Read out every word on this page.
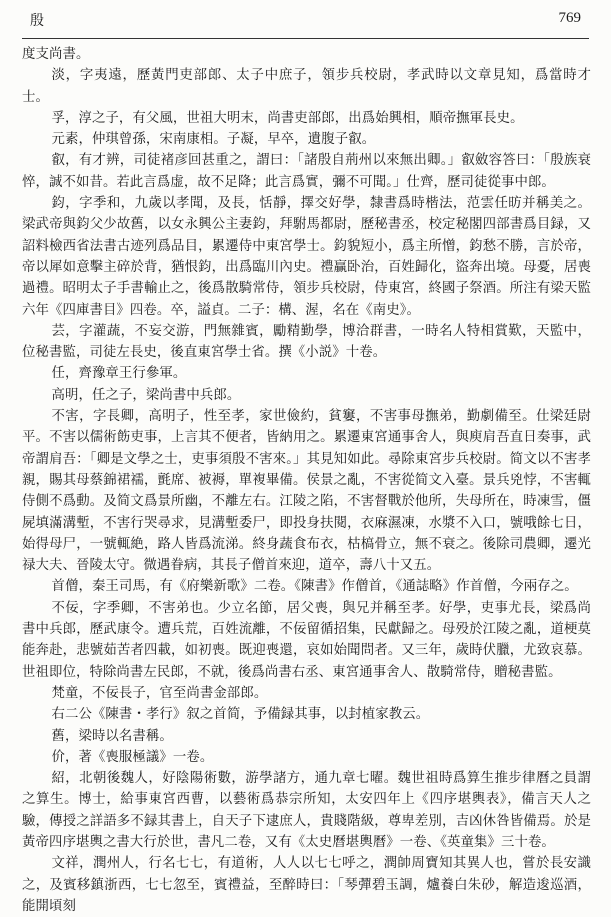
殷	769

度支尚書。

淡，字夷遠，歷黃門吏部郎、太子中庶子，領步兵校尉，孝武時以文章見知，爲當時才士。

孚，淳之子，有父風，世祖大明末，尚書吏部郎，出爲始興相，順帝撫軍長史。

元素，仲琪曾孫，宋南康相。子凝，早卒，遺腹子叡。

叡，有才辨，司徒褚彦回甚重之，謂曰：「諸殷自荊州以來無出卿。」叡斂容答曰：「殷族衰悴，誠不如昔。若此言爲虚，故不足降；此言爲實，彌不可聞。」仕齊，歷司徒從事中郎。

鈞，字季和，九歲以孝聞，及長，恬靜，擇交好學，隸書爲時楷法，范雲任昉并稱美之。梁武帝與鈞父少故舊，以女永興公主妻鈞，拜駙馬都尉，歷秘書丞，校定秘閣四部書爲目録，又詔料檢西省法書古迹列爲品目，累遷侍中東宮學士。鈞貌短小，爲主所憎，鈞愁不勝，言於帝，帝以犀如意擊主碎於背，猶恨鈞，出爲臨川內史。禮贏卧治，百姓歸化，盜奔出境。母憂，居喪過禮。昭明太子手書輸止之，後爲散騎常侍，領步兵校尉，侍東宮，終國子祭酒。所注有梁天監六年《四庫書目》四卷。卒，謚貞。二子：構、渥，名在《南史》。

芸，字灌蔬，不妄交游，門無雜賓，勵精勤學，博洽群書，一時名人特相賞歎，天監中，位秘書監，司徒左長史，後直東宮學士省。撰《小説》十卷。

任，齊豫章王行參軍。

高明，任之子，梁尚書中兵郎。

不害，字長卿，高明子，性至孝，家世儉約，貧窶，不害事母撫弟，勤劇備至。仕梁廷尉平。不害以儒術飭吏事，上言其不便者，皆納用之。累遷東宮通事舍人，與庾肩吾直日奏事，武帝謂肩吾：「卿是文學之士，吏事須殷不害來。」其見知如此。尋除東宮步兵校尉。简文以不害孝親，賜其母蔡錦裙襦，氈席、被褥，單複畢備。侯景之亂，不害從简文入臺。景兵兇悖，不害輒侍側不爲動。及简文爲景所幽，不離左右。江陵之陷，不害督戰於他所，失母所在，時凍雪，僵屍填滿溝塹，不害行哭尋求，見溝塹委尸，即投身扶閱，衣麻濕凍，水漿不入口，號哦餘七日，始得母尸，一號輒絶，路人皆爲流涕。終身蔬食布衣，枯槁骨立，無不衰之。後除司農卿，遷光禄大夫、晉陵太守。微遇眷病，其長子僧首來迎，道卒，壽八十又五。

首僧，秦王司馬，有《府樂新歌》二卷。《陳書》作僧首，《通誌略》作首僧，今兩存之。

不佞，字季卿，不害弟也。少立名節，居父喪，與兄并稱至孝。好學，吏事尤長，梁爲尚書中兵郎，歷武康令。遭兵荒，百姓流離，不佞留循招集，民獻歸之。母殁於江陵之亂，道梗莫能奔赴，悲號茹苦者四載，如初喪。既迎喪還，哀如始聞問者。又三年，歲時伏臘，尤致哀慕。世祖即位，特除尚書左民郎，不就，後爲尚書右丞、東宮通事舍人、散騎常侍，贈秘書監。

梵童，不佞長子，官至尚書金部郎。

右二公《陳書・孝行》叙之首简，予備録其事，以封植家教云。

舊，梁時以名書稱。

价，著《喪服極議》一卷。

紹，北朝後魏人，好陰陽術數，游學諸方，通九章七曜。魏世祖時爲算生推步律曆之員謂之算生。博士，給事東宮西曹，以藝術爲恭宗所知，太安四年上《四序堪輿表》，備言天人之驗，傳授之詳語多不録其書上，自天子下逮庶人，貴賤階級，尊卑差別，吉凶休咎皆備焉。於是黃帝四序堪輿之書大行於世，書凡二卷，又有《太史曆堪輿曆》一卷、《英童集》三十卷。

文祥，潤州人，行名七七，有道術，人人以七七呼之，潤帥周寶知其異人也，嘗於長安識之，及賓移鎮浙西，七七忽至，賓禮益，至醉時曰：「琴彈碧玉調，爐養白朱砂，解造逡巡酒，能開頃刻
